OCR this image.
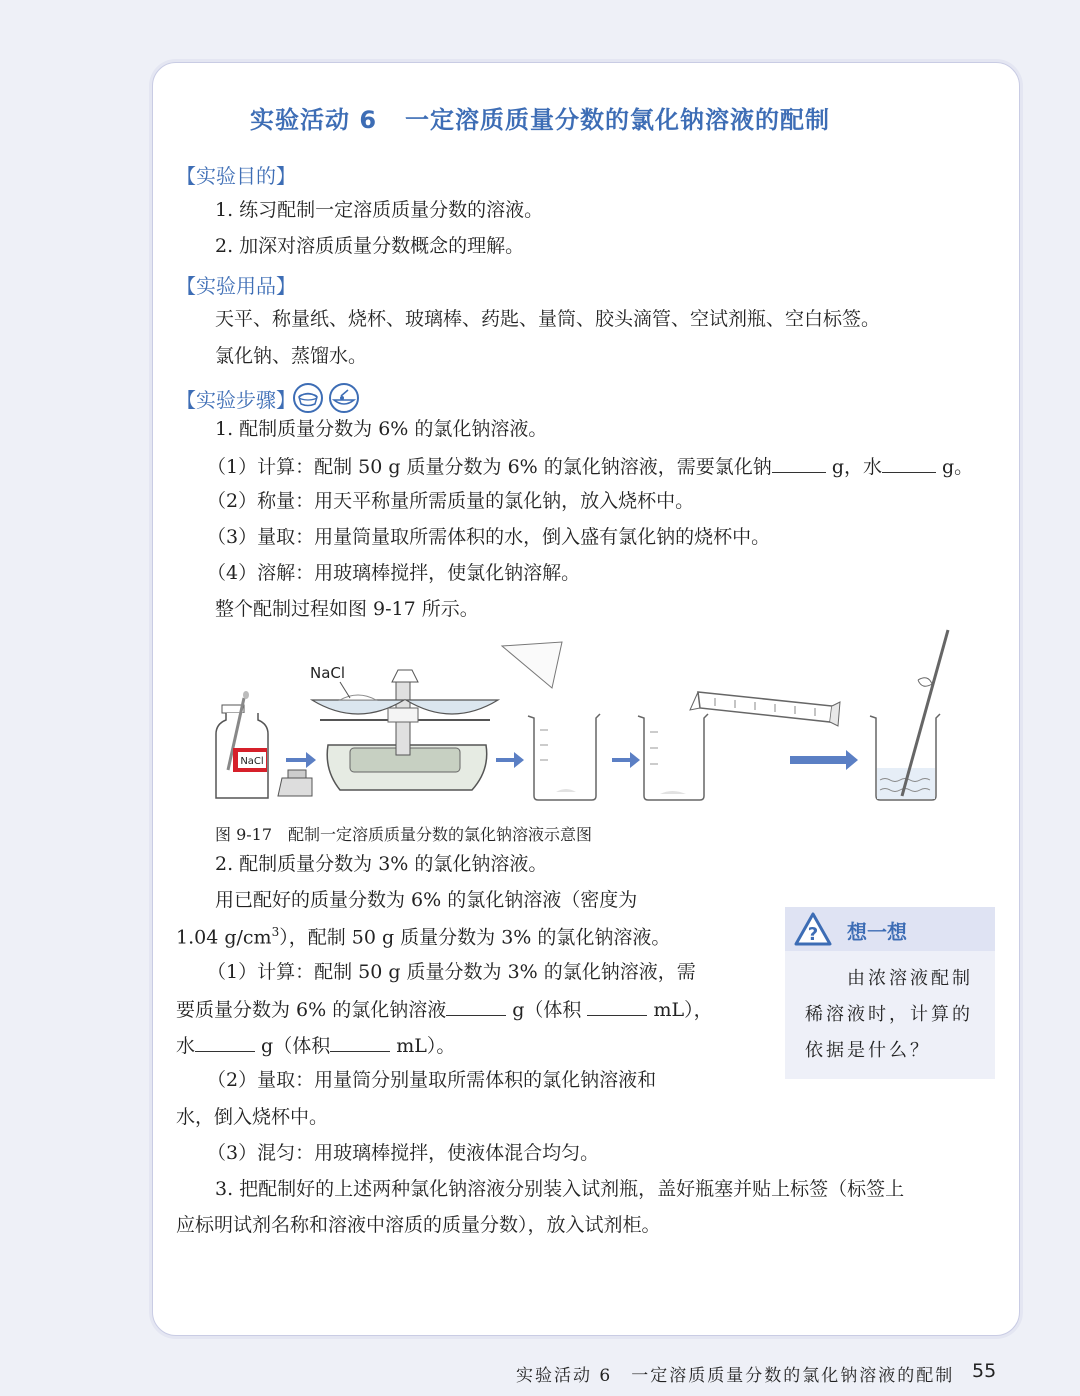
实验活动 6 一定溶质质量分数的氯化钠溶液的配制
【实验目的】
1. 练习配制一定溶质质量分数的溶液。
2. 加深对溶质质量分数概念的理解。
【实验用品】
天平、称量纸、烧杯、玻璃棒、药匙、量筒、胶头滴管、空试剂瓶、空白标签。
氯化钠、蒸馏水。
【实验步骤】
1. 配制质量分数为 6% 的氯化钠溶液。
（1）计算：配制 50 g 质量分数为 6% 的氯化钠溶液，需要氯化钠	g，水	g。
（2）称量：用天平称量所需质量的氯化钠，放入烧杯中。
（3）量取：用量筒量取所需体积的水，倒入盛有氯化钠的烧杯中。
（4）溶解：用玻璃棒搅拌，使氯化钠溶解。
整个配制过程如图 9-17 所示。
NaCl
NaCl
图 9-17　配制一定溶质质量分数的氯化钠溶液示意图
2. 配制质量分数为 3% 的氯化钠溶液。
用已配好的质量分数为 6% 的氯化钠溶液（密度为
1.04 $g/cm^3$），配制 50 g 质量分数为 3% 的氯化钠溶液。
（1）计算：配制 50 g 质量分数为 3% 的氯化钠溶液，需
要质量分数为 6% 的氯化钠溶液	g（体积	mL），
水	g（体积	mL）。
（2）量取：用量筒分别量取所需体积的氯化钠溶液和
水，倒入烧杯中。
（3）混匀：用玻璃棒搅拌，使液体混合均匀。
3. 把配制好的上述两种氯化钠溶液分别装入试剂瓶，盖好瓶塞并贴上标签（标签上
应标明试剂名称和溶液中溶质的质量分数），放入试剂柜。
? 想一想
由浓溶液配制
稀溶液时，计算的
依据是什么？
实验活动 6　一定溶质质量分数的氯化钠溶液的配制 55
